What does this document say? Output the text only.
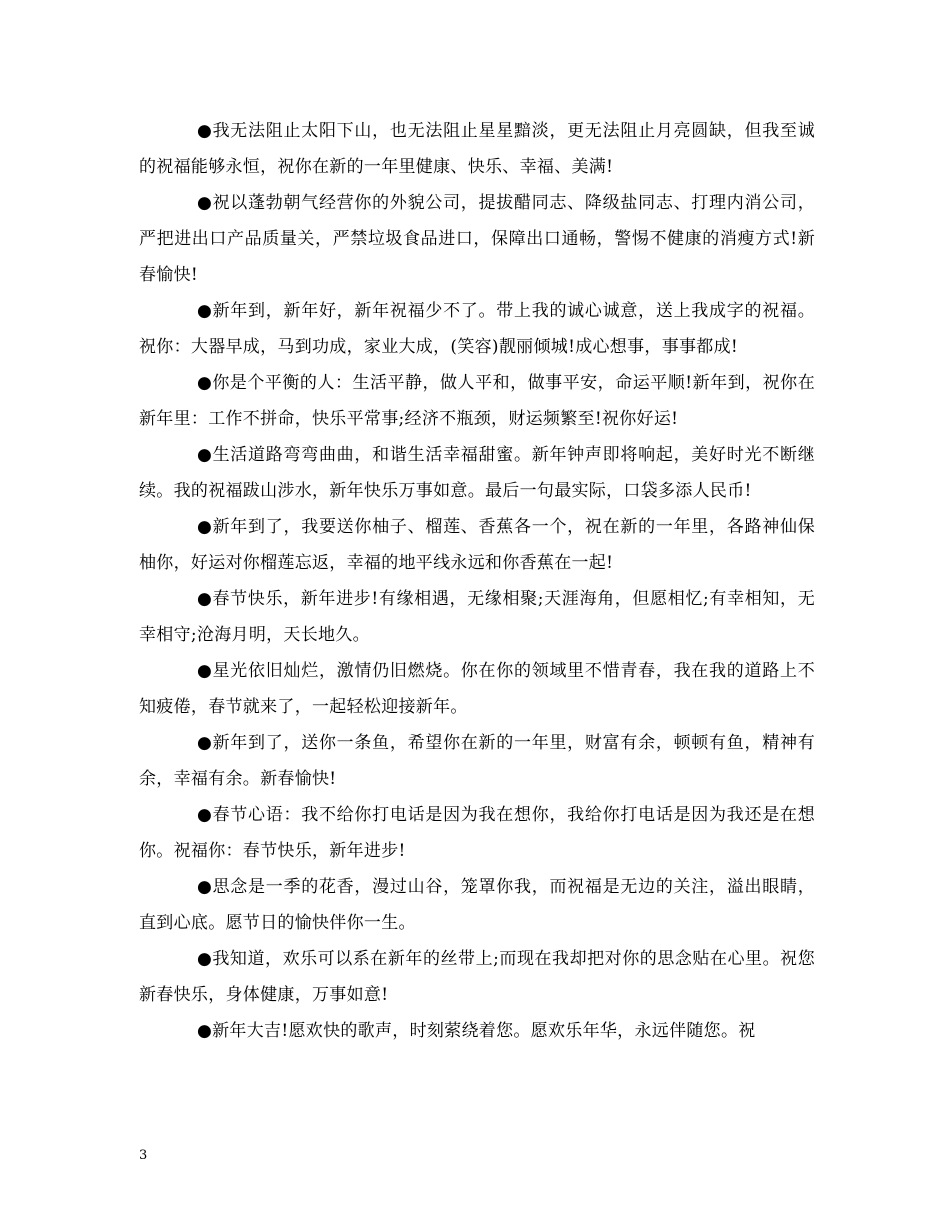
●我无法阻止太阳下山，也无法阻止星星黯淡，更无法阻止月亮圆缺，但我至诚的祝福能够永恒，祝你在新的一年里健康、快乐、幸福、美满!

●祝以蓬勃朝气经营你的外貌公司，提拔醋同志、降级盐同志、打理内消公司，严把进出口产品质量关，严禁垃圾食品进口，保障出口通畅，警惕不健康的消瘦方式!新春愉快!

●新年到，新年好，新年祝福少不了。带上我的诚心诚意，送上我成字的祝福。祝你：大器早成，马到功成，家业大成，(笑容)靓丽倾城!成心想事，事事都成!

●你是个平衡的人：生活平静，做人平和，做事平安，命运平顺!新年到，祝你在新年里：工作不拼命，快乐平常事;经济不瓶颈，财运频繁至!祝你好运!

●生活道路弯弯曲曲，和谐生活幸福甜蜜。新年钟声即将响起，美好时光不断继续。我的祝福跋山涉水，新年快乐万事如意。最后一句最实际，口袋多添人民币!

●新年到了，我要送你柚子、榴莲、香蕉各一个，祝在新的一年里，各路神仙保柚你，好运对你榴莲忘返，幸福的地平线永远和你香蕉在一起!

●春节快乐，新年进步!有缘相遇，无缘相聚;天涯海角，但愿相忆;有幸相知，无幸相守;沧海月明，天长地久。

●星光依旧灿烂，激情仍旧燃烧。你在你的领域里不惜青春，我在我的道路上不知疲倦，春节就来了，一起轻松迎接新年。

●新年到了，送你一条鱼，希望你在新的一年里，财富有余，顿顿有鱼，精神有余，幸福有余。新春愉快!

●春节心语：我不给你打电话是因为我在想你，我给你打电话是因为我还是在想你。祝福你：春节快乐，新年进步!

●思念是一季的花香，漫过山谷，笼罩你我，而祝福是无边的关注，溢出眼睛，直到心底。愿节日的愉快伴你一生。

●我知道，欢乐可以系在新年的丝带上;而现在我却把对你的思念贴在心里。祝您新春快乐，身体健康，万事如意!

●新年大吉!愿欢快的歌声，时刻萦绕着您。愿欢乐年华，永远伴随您。祝

3
